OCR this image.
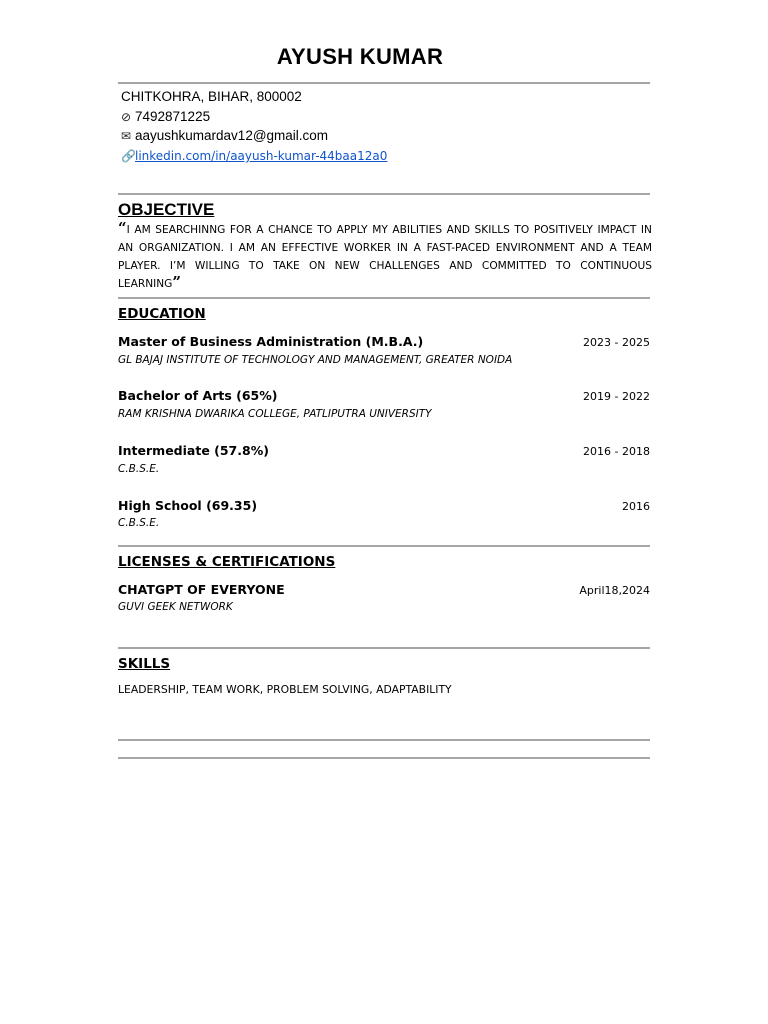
AYUSH KUMAR
CHITKOHRA, BIHAR, 800002
⊘ 7492871225
✉ aayushkumardav12@gmail.com
🔗linkedin.com/in/aayush-kumar-44baa12a0
OBJECTIVE
“I AM SEARCHINNG FOR A CHANCE TO APPLY MY ABILITIES AND SKILLS TO POSITIVELY IMPACT IN AN ORGANIZATION. I AM AN EFFECTIVE WORKER IN A FAST-PACED ENVIRONMENT AND A TEAM PLAYER. I’M WILLING TO TAKE ON NEW CHALLENGES AND COMMITTED TO CONTINUOUS LEARNING”
EDUCATION
Master of Business Administration (M.B.A.)	2023 - 2025
GL BAJAJ INSTITUTE OF TECHNOLOGY AND MANAGEMENT, GREATER NOIDA
Bachelor of Arts (65%)	2019 - 2022
RAM KRISHNA DWARIKA COLLEGE, PATLIPUTRA UNIVERSITY
Intermediate (57.8%)	2016 - 2018
C.B.S.E.
High School (69.35)	2016
C.B.S.E.
LICENSES & CERTIFICATIONS
CHATGPT OF EVERYONE	April18,2024
GUVI GEEK NETWORK
SKILLS
LEADERSHIP, TEAM WORK, PROBLEM SOLVING, ADAPTABILITY
